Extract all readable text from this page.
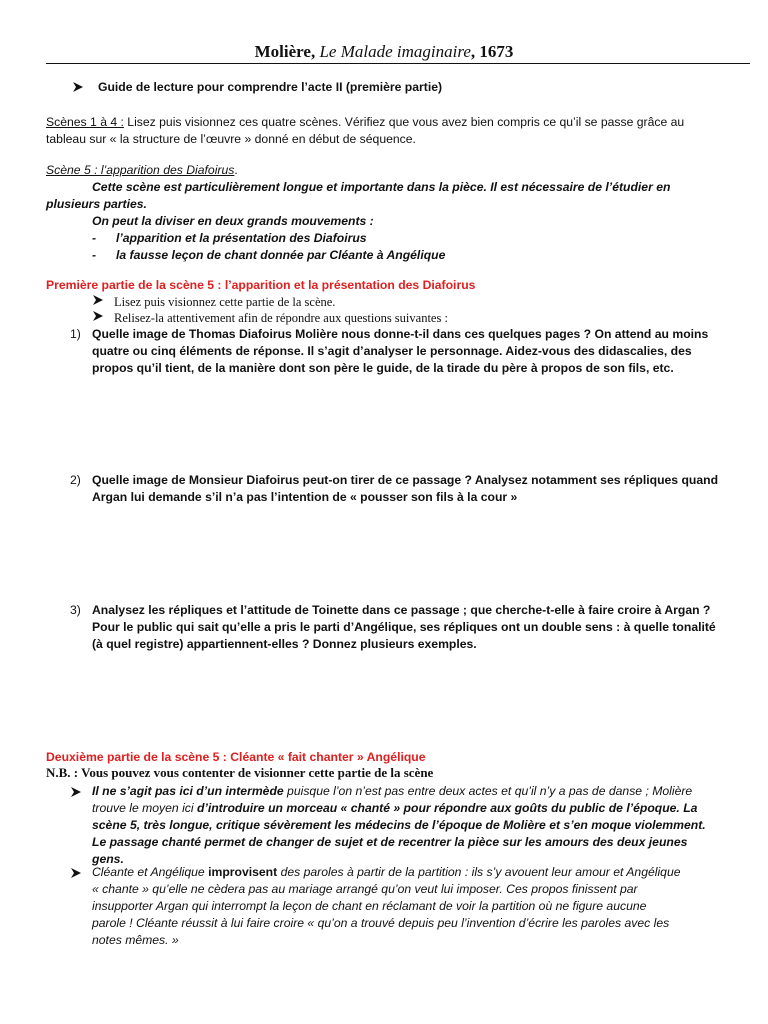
Molière, Le Malade imaginaire, 1673
Guide de lecture pour comprendre l’acte II (première partie)
Scènes 1 à 4 : Lisez puis visionnez ces quatre scènes. Vérifiez que vous avez bien compris ce qu’il se passe grâce au
tableau sur « la structure de l’œuvre » donné en début de séquence.
Scène 5 : l’apparition des Diafoirus.
Cette scène est particulièrement longue et importante dans la pièce. Il est nécessaire de l’étudier en
plusieurs parties.
On peut la diviser en deux grands mouvements :
-	l’apparition et la présentation des Diafoirus
-	la fausse leçon de chant donnée par Cléante à Angélique
Première partie de la scène 5 : l’apparition et la présentation des Diafoirus
Lisez puis visionnez cette partie de la scène.
Relisez-la attentivement afin de répondre aux questions suivantes :
1) Quelle image de Thomas Diafoirus Molière nous donne-t-il dans ces quelques pages ? On attend au moins
quatre ou cinq éléments de réponse. Il s’agit d’analyser le personnage. Aidez-vous des didascalies, des
propos qu’il tient, de la manière dont son père le guide, de la tirade du père à propos de son fils, etc.
2) Quelle image de Monsieur Diafoirus peut-on tirer de ce passage ? Analysez notamment ses répliques quand
Argan lui demande s’il n’a pas l’intention de « pousser son fils à la cour »
3) Analysez les répliques et l’attitude de Toinette dans ce passage ; que cherche-t-elle à faire croire à Argan ?
Pour le public qui sait qu’elle a pris le parti d’Angélique, ses répliques ont un double sens : à quelle tonalité
(à quel registre) appartiennent-elles ? Donnez plusieurs exemples.
Deuxième partie de la scène 5 : Cléante « fait chanter » Angélique
N.B. : Vous pouvez vous contenter de visionner cette partie de la scène
Il ne s’agit pas ici d’un intermède puisque l’on n’est pas entre deux actes et qu’il n’y a pas de danse ; Molière
trouve le moyen ici d’introduire un morceau « chanté » pour répondre aux goûts du public de l’époque. La
scène 5, très longue, critique sévèrement les médecins de l’époque de Molière et s’en moque violemment.
Le passage chanté permet de changer de sujet et de recentrer la pièce sur les amours des deux jeunes
gens.
Cléante et Angélique improvisent des paroles à partir de la partition : ils s’y avouent leur amour et Angélique
« chante » qu’elle ne cèdera pas au mariage arrangé qu’on veut lui imposer. Ces propos finissent par
insupporter Argan qui interrompt la leçon de chant en réclamant de voir la partition où ne figure aucune
parole ! Cléante réussit à lui faire croire « qu’on a trouvé depuis peu l’invention d’écrire les paroles avec les
notes mêmes. »
